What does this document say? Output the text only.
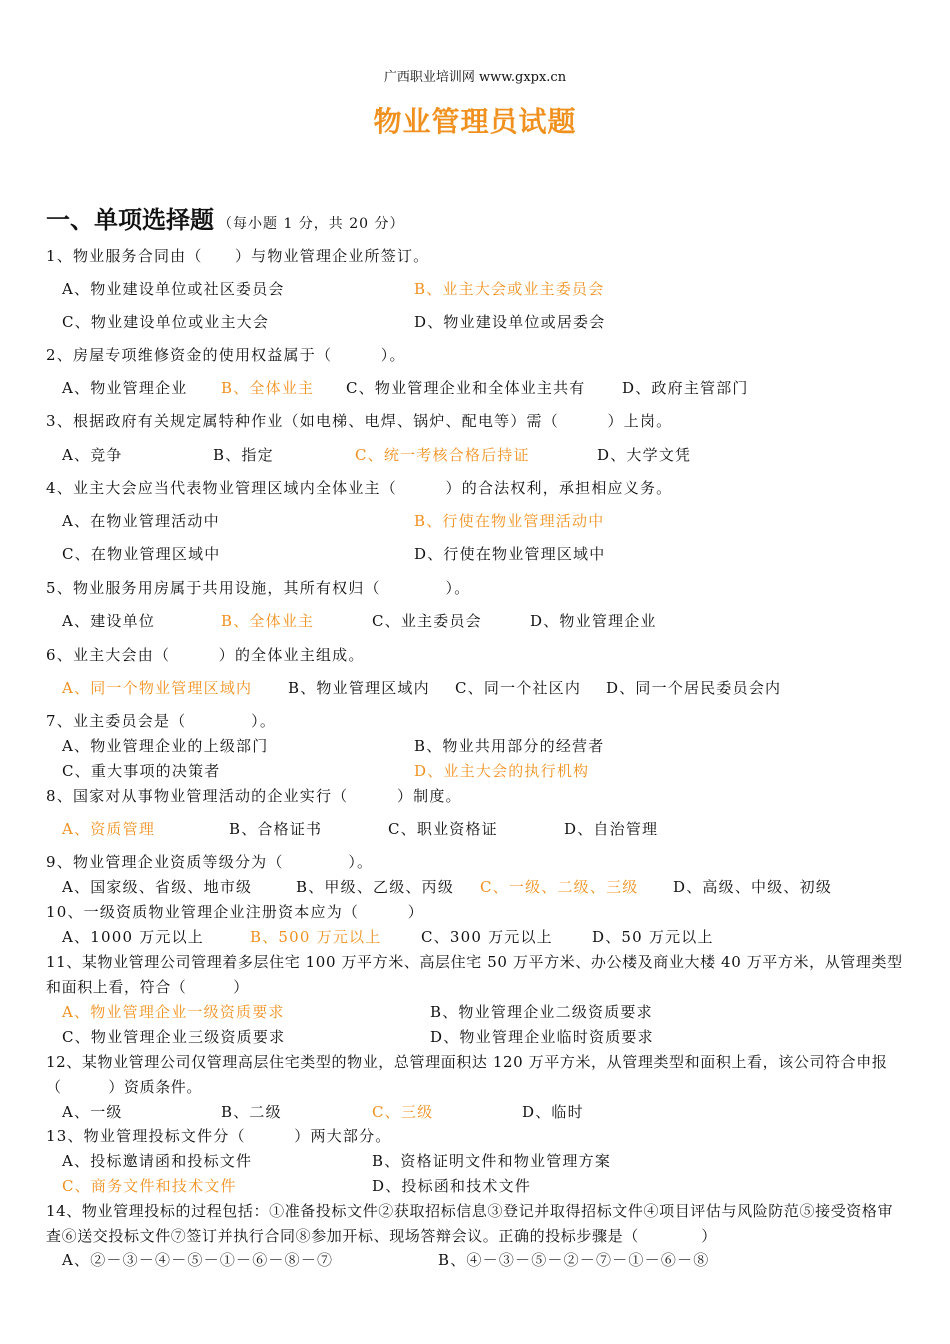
广西职业培训网 www.gxpx.cn
物业管理员试题
一、单项选择题 （每小题 1 分，共 20 分）
1、物业服务合同由（　　）与物业管理企业所签订。
A、物业建设单位或社区委员会	B、业主大会或业主委员会
C、物业建设单位或业主大会	D、物业建设单位或居委会
2、房屋专项维修资金的使用权益属于（　　　）。
A、物业管理企业 B、全体业主 C、物业管理企业和全体业主共有 D、政府主管部门
3、根据政府有关规定属特种作业（如电梯、电焊、锅炉、配电等）需（　　　）上岗。
A、竞争	B、指定	C、统一考核合格后持证	D、大学文凭
4、业主大会应当代表物业管理区域内全体业主（　　　）的合法权利，承担相应义务。
A、在物业管理活动中	B、行使在物业管理活动中
C、在物业管理区域中	D、行使在物业管理区域中
5、物业服务用房属于共用设施，其所有权归（　　　　）。
A、建设单位	B、全体业主	C、业主委员会	D、物业管理企业
6、业主大会由（　　　）的全体业主组成。
A、同一个物业管理区域内 B、物业管理区域内 C、同一个社区内 D、同一个居民委员会内
7、业主委员会是（　　　　）。
A、物业管理企业的上级部门	B、物业共用部分的经营者
C、重大事项的决策者	D、业主大会的执行机构
8、国家对从事物业管理活动的企业实行（　　　）制度。
A、资质管理	B、合格证书	C、职业资格证	D、自治管理
9、物业管理企业资质等级分为（　　　　）。
A、国家级、省级、地市级	B、甲级、乙级、丙级 C、一级、二级、三级 D、高级、中级、初级
10、一级资质物业管理企业注册资本应为（　　　）
A、1000 万元以上	B、500 万元以上	C、300 万元以上	D、50 万元以上
11、某物业管理公司管理着多层住宅 100 万平方米、高层住宅 50 万平方米、办公楼及商业大楼 40 万平方米，从管理类型和面积上看，符合（　　　）
A、物业管理企业一级资质要求	B、物业管理企业二级资质要求
C、物业管理企业三级资质要求	D、物业管理企业临时资质要求
12、某物业管理公司仅管理高层住宅类型的物业，总管理面积达 120 万平方米，从管理类型和面积上看，该公司符合申报（　　　）资质条件。
A、一级	B、二级	C、三级	D、临时
13、物业管理投标文件分（　　　）两大部分。
A、投标邀请函和投标文件	B、资格证明文件和物业管理方案
C、商务文件和技术文件	D、投标函和技术文件
14、物业管理投标的过程包括：①准备投标文件②获取招标信息③登记并取得招标文件④项目评估与风险防范⑤接受资格审查⑥送交投标文件⑦签订并执行合同⑧参加开标、现场答辩会议。正确的投标步骤是（　　　　）
A、②－③－④－⑤－①－⑥－⑧－⑦	B、④－③－⑤－②－⑦－①－⑥－⑧
